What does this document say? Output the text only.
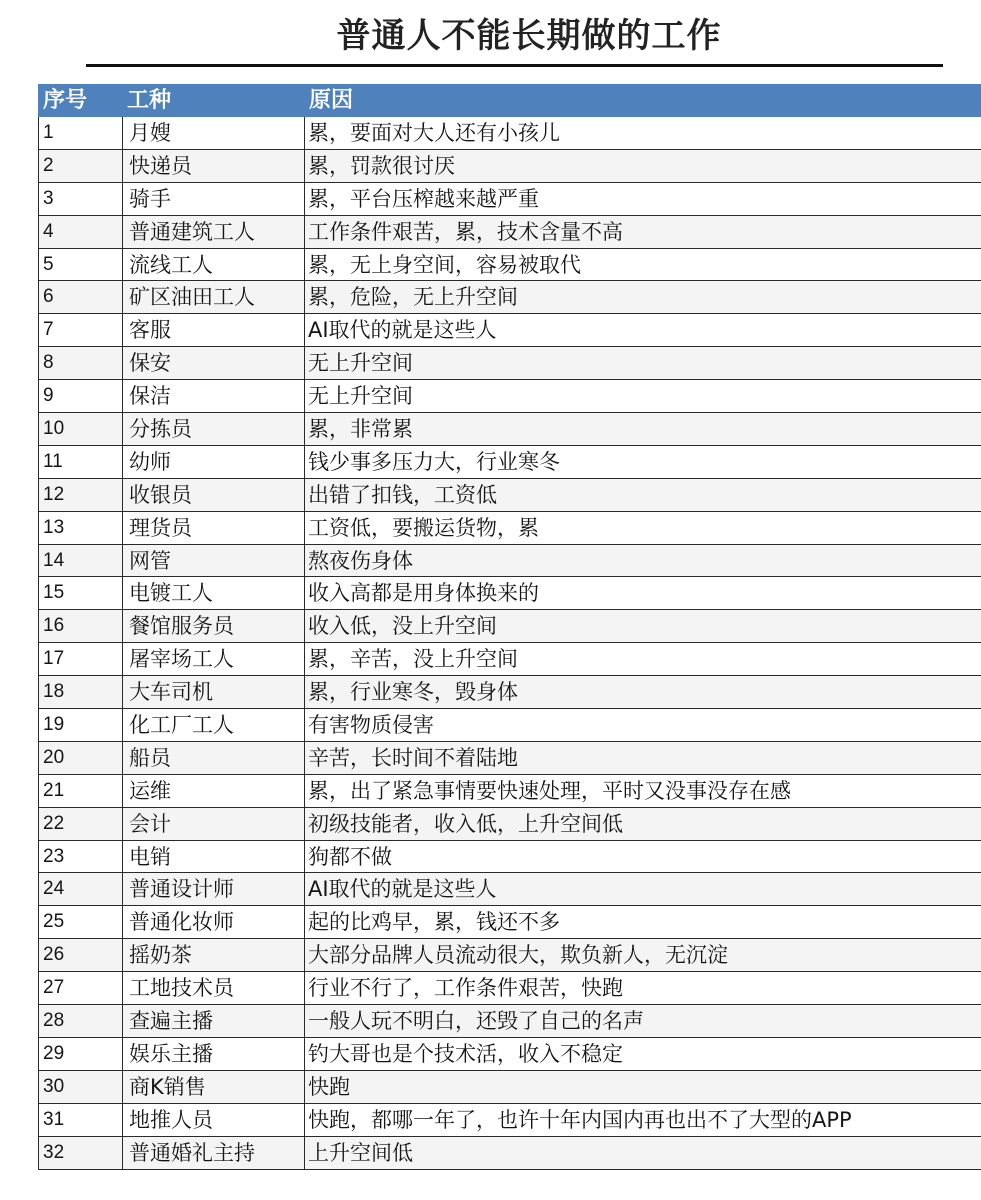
普通人不能长期做的工作
序号	工种	原因
1	月嫂	累，要面对大人还有小孩儿
2	快递员	累，罚款很讨厌
3	骑手	累，平台压榨越来越严重
4	普通建筑工人	工作条件艰苦，累，技术含量不高
5	流线工人	累，无上身空间，容易被取代
6	矿区油田工人	累，危险，无上升空间
7	客服	AI取代的就是这些人
8	保安	无上升空间
9	保洁	无上升空间
10	分拣员	累，非常累
11	幼师	钱少事多压力大，行业寒冬
12	收银员	出错了扣钱，工资低
13	理货员	工资低，要搬运货物，累
14	网管	熬夜伤身体
15	电镀工人	收入高都是用身体换来的
16	餐馆服务员	收入低，没上升空间
17	屠宰场工人	累，辛苦，没上升空间
18	大车司机	累，行业寒冬，毁身体
19	化工厂工人	有害物质侵害
20	船员	辛苦，长时间不着陆地
21	运维	累，出了紧急事情要快速处理，平时又没事没存在感
22	会计	初级技能者，收入低，上升空间低
23	电销	狗都不做
24	普通设计师	AI取代的就是这些人
25	普通化妆师	起的比鸡早，累，钱还不多
26	摇奶茶	大部分品牌人员流动很大，欺负新人，无沉淀
27	工地技术员	行业不行了，工作条件艰苦，快跑
28	查遍主播	一般人玩不明白，还毁了自己的名声
29	娱乐主播	钓大哥也是个技术活，收入不稳定
30	商K销售	快跑
31	地推人员	快跑，都哪一年了，也许十年内国内再也出不了大型的APP
32	普通婚礼主持	上升空间低
